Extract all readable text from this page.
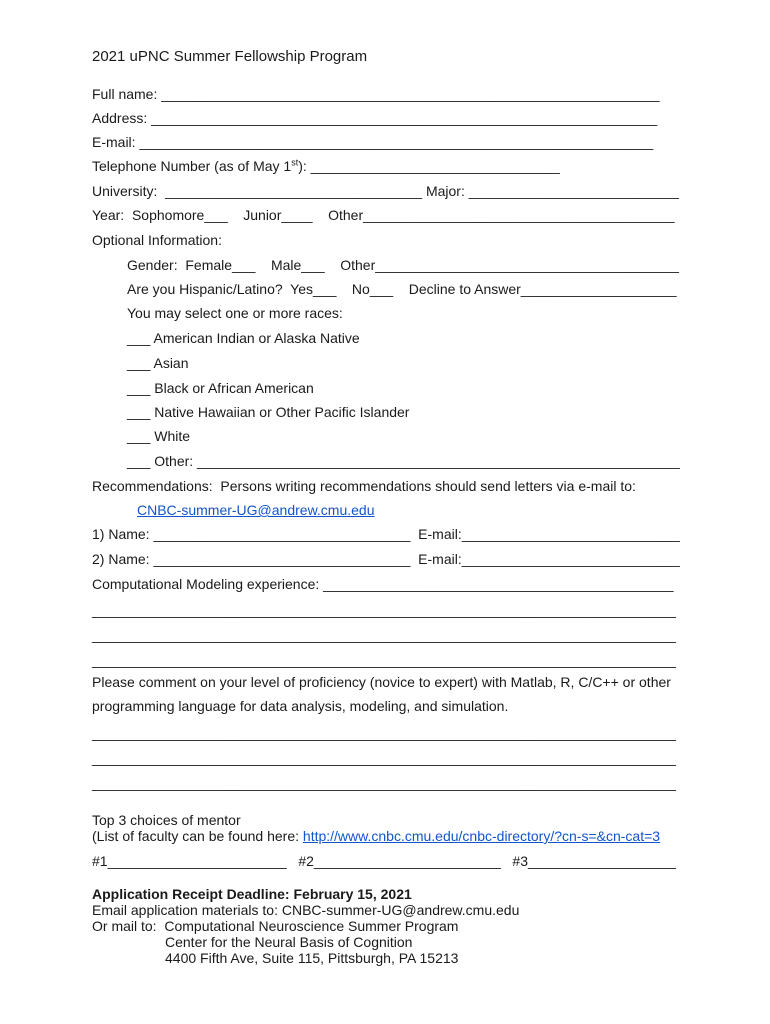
2021 uPNC Summer Fellowship Program
Full name: ________________________________________________________________
Address: _________________________________________________________________
E-mail: __________________________________________________________________
Telephone Number (as of May 1st): ________________________________
University:  _________________________________ Major: ___________________________
Year:  Sophomore___    Junior____    Other________________________________________
Optional Information:
Gender:  Female___    Male___    Other_______________________________________
Are you Hispanic/Latino?  Yes___    No___    Decline to Answer____________________
You may select one or more races:
___ American Indian or Alaska Native
___ Asian
___ Black or African American
___ Native Hawaiian or Other Pacific Islander
___ White
___ Other: ______________________________________________________________
Recommendations:  Persons writing recommendations should send letters via e-mail to:
CNBC-summer-UG@andrew.cmu.edu
1) Name: _________________________________  E-mail:____________________________
2) Name: _________________________________  E-mail:____________________________
Computational Modeling experience: _____________________________________________
___________________________________________________________________________
___________________________________________________________________________
___________________________________________________________________________
Please comment on your level of proficiency (novice to expert) with Matlab, R, C/C++ or other
programming language for data analysis, modeling, and simulation.
___________________________________________________________________________
___________________________________________________________________________
___________________________________________________________________________
Top 3 choices of mentor
(List of faculty can be found here: http://www.cnbc.cmu.edu/cnbc-directory/?cn-s=&cn-cat=3
#1_______________________   #2________________________   #3___________________
Application Receipt Deadline: February 15, 2021
Email application materials to: CNBC-summer-UG@andrew.cmu.edu
Or mail to:  Computational Neuroscience Summer Program
Center for the Neural Basis of Cognition
4400 Fifth Ave, Suite 115, Pittsburgh, PA 15213
